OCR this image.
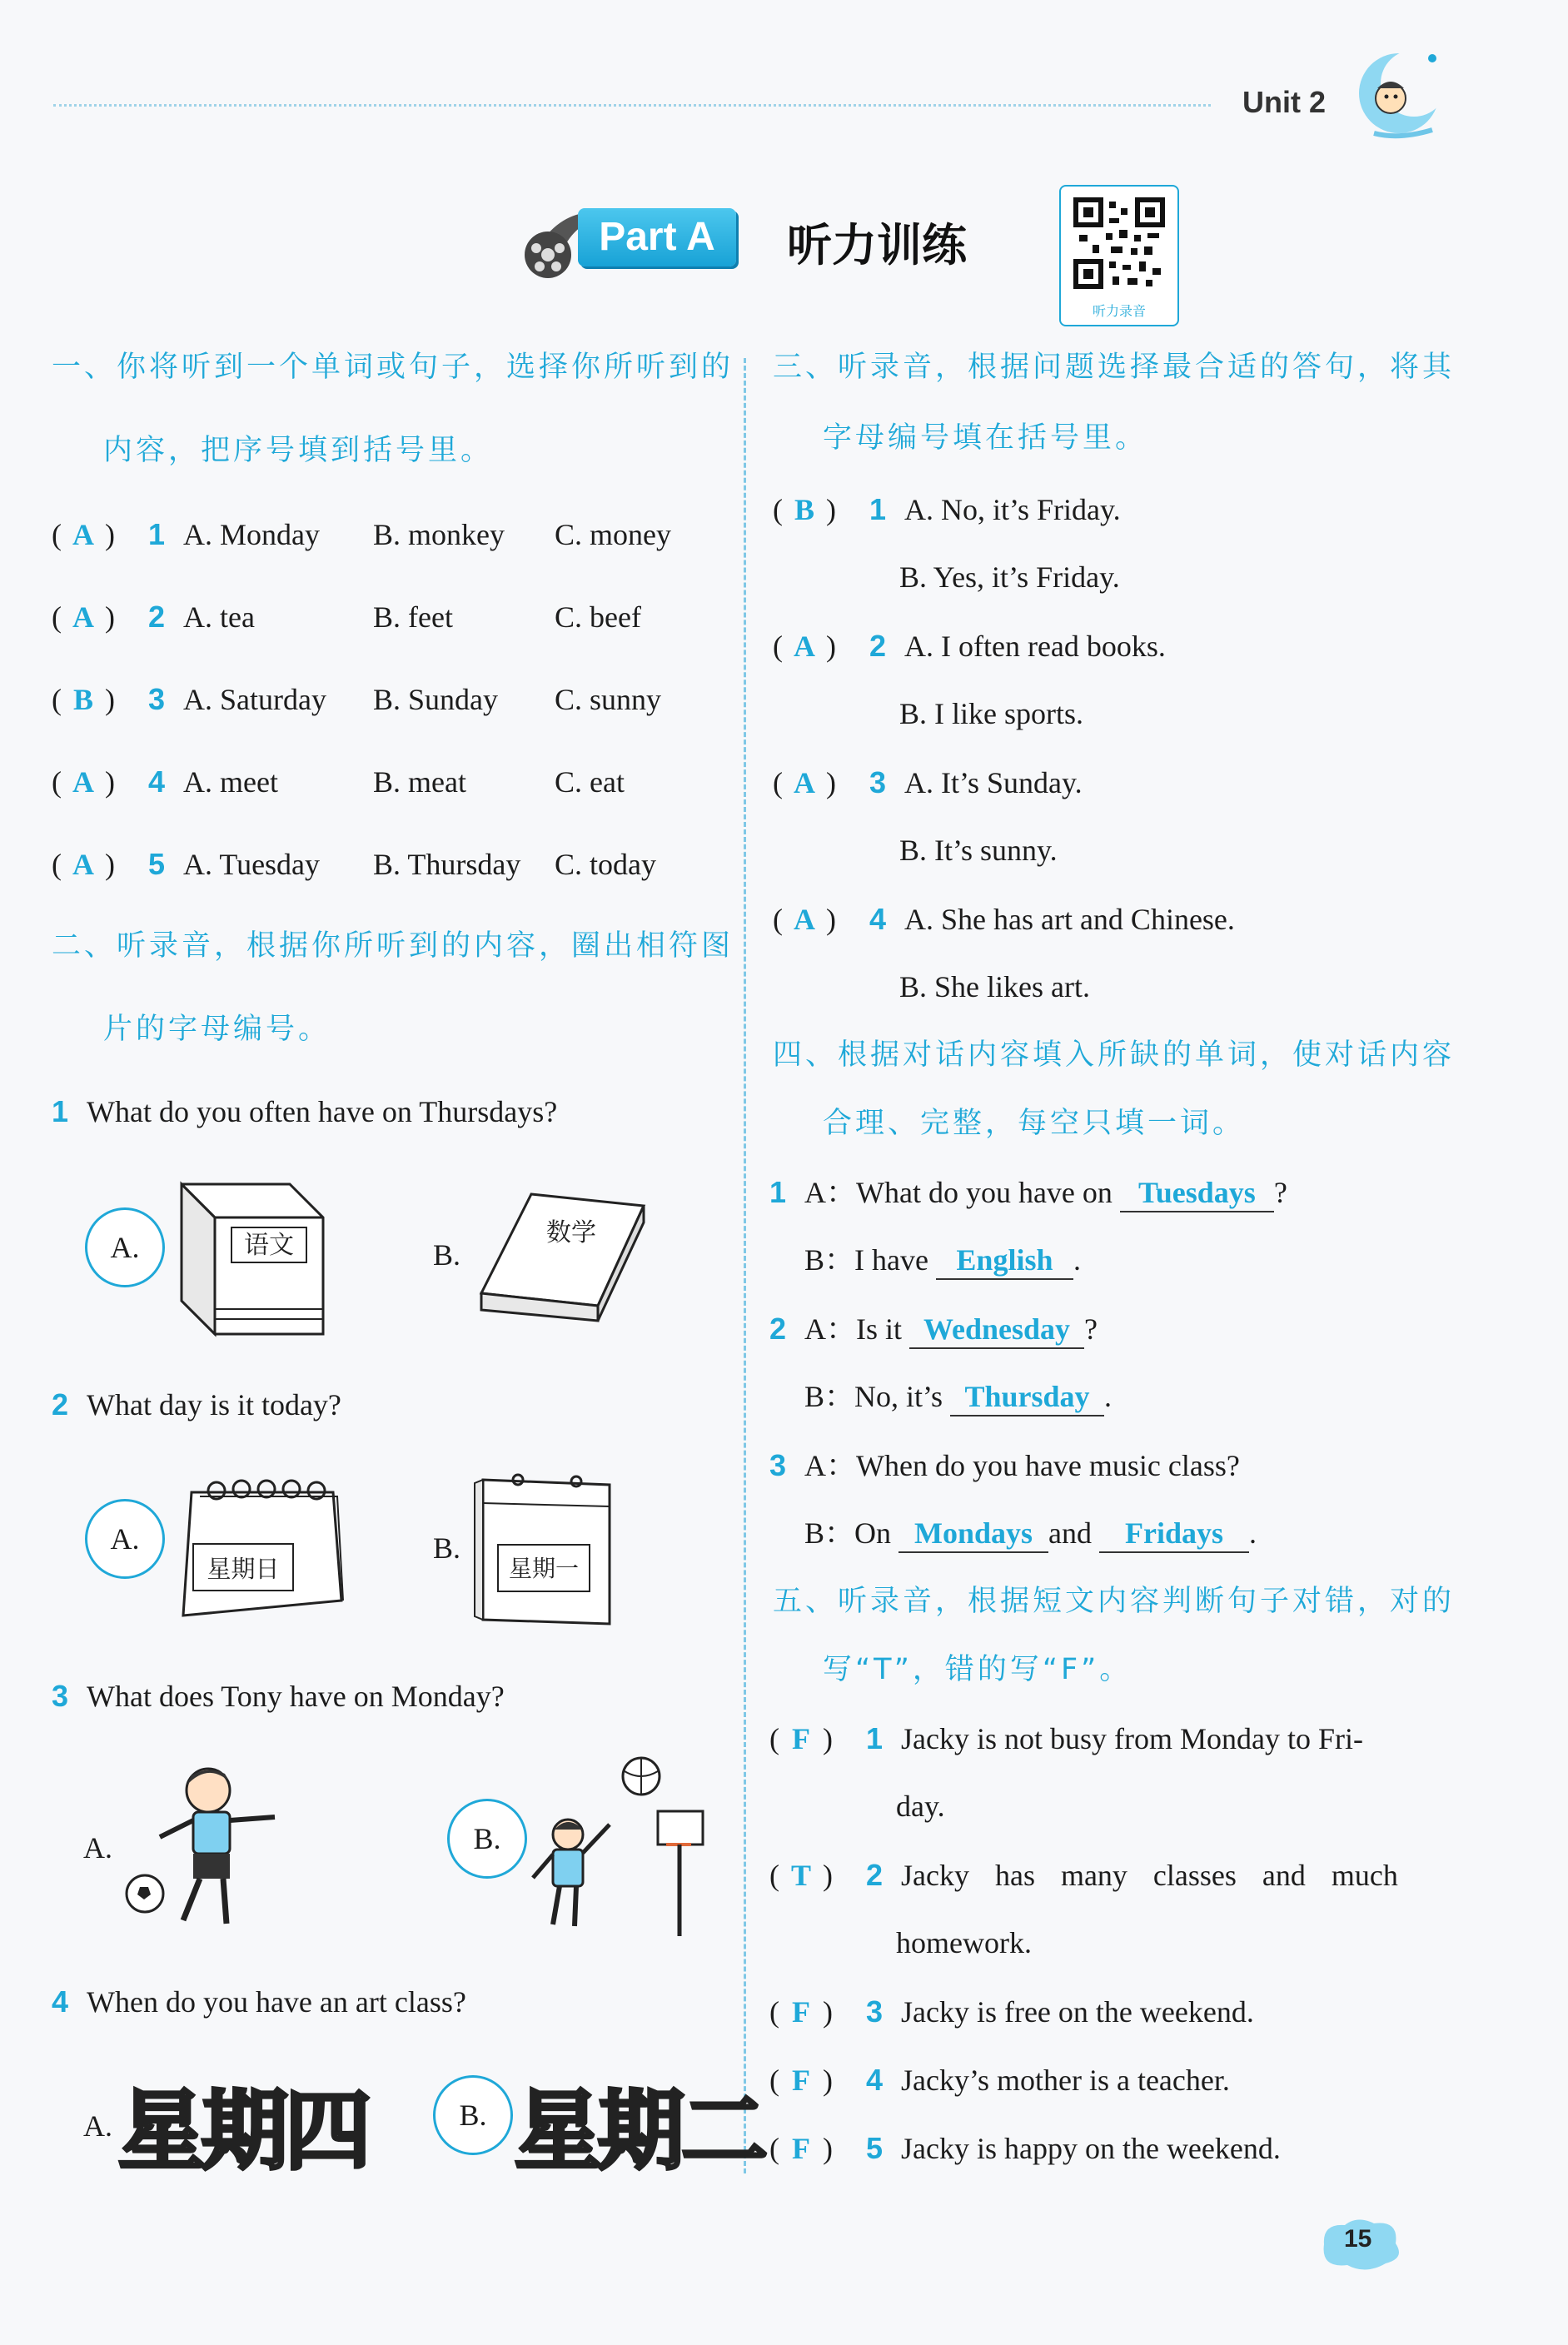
Unit 2
Part A	听力训练
听力录音
一、你将听到一个单词或句子，选择你所听到的
内容，把序号填到括号里。
( A ) 1 A. Monday B. monkey C. money
( A ) 2 A. tea	B. feet	C. beef
( B ) 3 A. Saturday B. Sunday C. sunny
( A ) 4 A. meet	B. meat	C. eat
( A ) 5 A. Tuesday B. Thursday C. today
二、听录音，根据你所听到的内容，圈出相符图
片的字母编号。
1 What do you often have on Thursdays?
A.	语文	B.
数学
2 What day is it today?
A.
星期日
B.
星期一
3 What does Tony have on Monday?
A.	B.
4 When do you have an art class?
A. 星期四	B. 星期二
三、听录音，根据问题选择最合适的答句，将其
字母编号填在括号里。
( B ) 1 A. No, it’s Friday.
B. Yes, it’s Friday.
( A ) 2 A. I often read books.
B. I like sports.
( A ) 3 A. It’s Sunday.
B. It’s sunny.
( A ) 4 A. She has art and Chinese.
B. She likes art.
四、根据对话内容填入所缺的单词，使对话内容
合理、完整，每空只填一词。
1 A：What do you have on Tuesdays ?
B：I have English .
2 A：Is it Wednesday ?
B：No, it’s Thursday .
3 A：When do you have music class?
B：On Mondays and Fridays .
五、听录音，根据短文内容判断句子对错，对的
写“T”，错的写“F”。
( F ) 1 Jacky is not busy from Monday to Fri-
day.
( T ) 2 Jacky has many classes and much
homework.
( F ) 3 Jacky is free on the weekend.
( F ) 4 Jacky’s mother is a teacher.
( F ) 5 Jacky is happy on the weekend.
15
